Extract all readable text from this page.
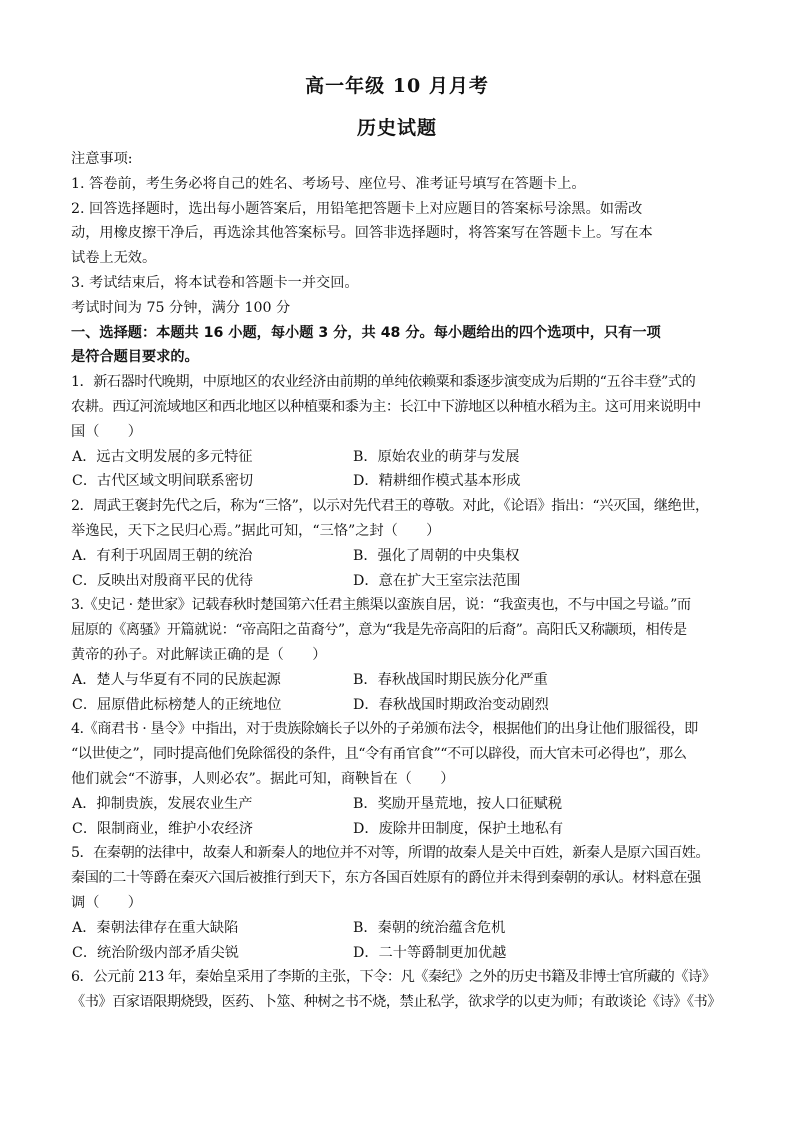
高一年级 10 月月考
历史试题
注意事项:
1. 答卷前，考生务必将自己的姓名、考场号、座位号、准考证号填写在答题卡上。
2. 回答选择题时，选出每小题答案后，用铅笔把答题卡上对应题目的答案标号涂黑。如需改
动，用橡皮擦干净后，再选涂其他答案标号。回答非选择题时，将答案写在答题卡上。写在本
试卷上无效。
3. 考试结束后，将本试卷和答题卡一并交回。
考试时间为 75 分钟，满分 100 分
一、选择题：本题共 16 小题，每小题 3 分，共 48 分。每小题给出的四个选项中，只有一项
是符合题目要求的。
1．新石器时代晚期，中原地区的农业经济由前期的单纯依赖粟和黍逐步演变成为后期的“五谷丰登”式的
农耕。西辽河流域地区和西北地区以种植粟和黍为主：长江中下游地区以种植水稻为主。这可用来说明中
国（　　）
A．远古文明发展的多元特征	B．原始农业的萌芽与发展
C．古代区域文明间联系密切	D．精耕细作模式基本形成
2．周武王褒封先代之后，称为“三恪”，以示对先代君王的尊敬。对此，《论语》指出：“兴灭国，继绝世，
举逸民，天下之民归心焉。”据此可知，“三恪”之封（　　）
A．有利于巩固周王朝的统治	B．强化了周朝的中央集权
C．反映出对殷商平民的优待	D．意在扩大王室宗法范围
3.《史记 · 楚世家》记载春秋时楚国第六任君主熊渠以蛮族自居，说：“我蛮夷也，不与中国之号谥。”而
屈原的《离骚》开篇就说：“帝高阳之苗裔兮”，意为“我是先帝高阳的后裔”。高阳氏又称颛顼，相传是
黄帝的孙子。对此解读正确的是（　　）
A．楚人与华夏有不同的民族起源	B．春秋战国时期民族分化严重
C．屈原借此标榜楚人的正统地位	D．春秋战国时期政治变动剧烈
4.《商君书 · 垦令》中指出，对于贵族除嫡长子以外的子弟颁布法令，根据他们的出身让他们服徭役，即
“以世使之”，同时提高他们免除徭役的条件，且“令有甬官食”“不可以辟役，而大官未可必得也”，那么
他们就会“不游事，人则必农”。据此可知，商鞅旨在（　　）
A．抑制贵族，发展农业生产	B．奖励开垦荒地，按人口征赋税
C．限制商业，维护小农经济	D．废除井田制度，保护土地私有
5．在秦朝的法律中，故秦人和新秦人的地位并不对等，所谓的故秦人是关中百姓，新秦人是原六国百姓。
秦国的二十等爵在秦灭六国后被推行到天下，东方各国百姓原有的爵位并未得到秦朝的承认。材料意在强
调（　　）
A．秦朝法律存在重大缺陷	B．秦朝的统治蕴含危机
C．统治阶级内部矛盾尖锐	D．二十等爵制更加优越
6．公元前 213 年，秦始皇采用了李斯的主张，下令：凡《秦纪》之外的历史书籍及非博士官所藏的《诗》
《书》百家语限期烧毁，医药、卜筮、种树之书不烧，禁止私学，欲求学的以吏为师；有敢谈论《诗》《书》
